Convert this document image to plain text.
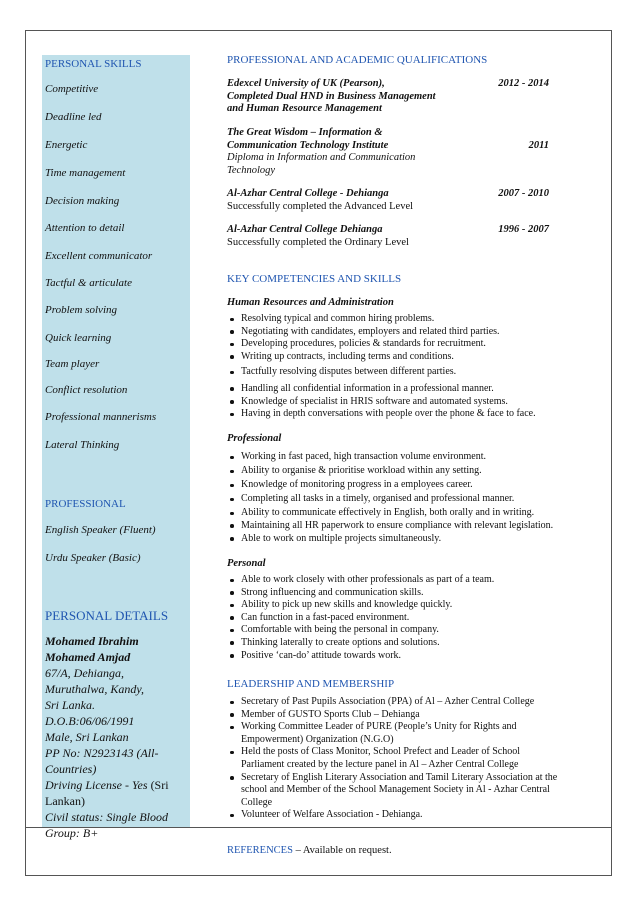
PERSONAL SKILLS
Competitive
Deadline led
Energetic
Time management
Decision making
Attention to detail
Excellent communicator
Tactful & articulate
Problem solving
Quick learning
Team player
Conflict resolution
Professional mannerisms
Lateral Thinking
PROFESSIONAL
English Speaker (Fluent)
Urdu Speaker (Basic)
PERSONAL DETAILS
Mohamed Ibrahim
Mohamed Amjad
67/A, Dehianga, Muruthalwa, Kandy,
Sri Lanka.
D.O.B:06/06/1991
Male, Sri Lankan
PP No: N2923143 (All-Countries)
Driving License - Yes (Sri Lankan)
Civil status: Single Blood Group: B+
PROFESSIONAL AND ACADEMIC QUALIFICATIONS
Edexcel University of UK (Pearson),
Completed Dual HND in Business Management
and Human Resource Management
2012 - 2014
The Great Wisdom – Information &
Communication Technology Institute
Diploma in Information and Communication
Technology
2011
Al-Azhar Central College - Dehianga
Successfully completed the Advanced Level
2007 - 2010
Al-Azhar Central College Dehianga
Successfully completed the Ordinary Level
1996 - 2007
KEY COMPETENCIES AND SKILLS
Human Resources and Administration
Resolving typical and common hiring problems.
Negotiating with candidates, employers and related third parties.
Developing procedures, policies & standards for recruitment.
Writing up contracts, including terms and conditions.
Tactfully resolving disputes between different parties.
Handling all confidential information in a professional manner.
Knowledge of specialist in HRIS software and automated systems.
Having in depth conversations with people over the phone & face to face.
Professional
Working in fast paced, high transaction volume environment.
Ability to organise & prioritise workload within any setting.
Knowledge of monitoring progress in a employees career.
Completing all tasks in a timely, organised and professional manner.
Ability to communicate effectively in English, both orally and in writing.
Maintaining all HR paperwork to ensure compliance with relevant legislation.
Able to work on multiple projects simultaneously.
Personal
Able to work closely with other professionals as part of a team.
Strong influencing and communication skills.
Ability to pick up new skills and knowledge quickly.
Can function in a fast-paced environment.
Comfortable with being the personal in company.
Thinking laterally to create options and solutions.
Positive ‘can-do’ attitude towards work.
LEADERSHIP AND MEMBERSHIP
Secretary of Past Pupils Association (PPA) of Al – Azher Central College
Member of GUSTO Sports Club – Dehianga
Working Committee Leader of PURE (People’s Unity for Rights and Empowerment) Organization (N.G.O)
Held the posts of Class Monitor, School Prefect and Leader of School Parliament created by the lecture panel in Al – Azher Central College
Secretary of English Literary Association and Tamil Literary Association at the school and Member of the School Management Society in Al - Azhar Central College
Volunteer of Welfare Association - Dehianga.
REFERENCES – Available on request.
